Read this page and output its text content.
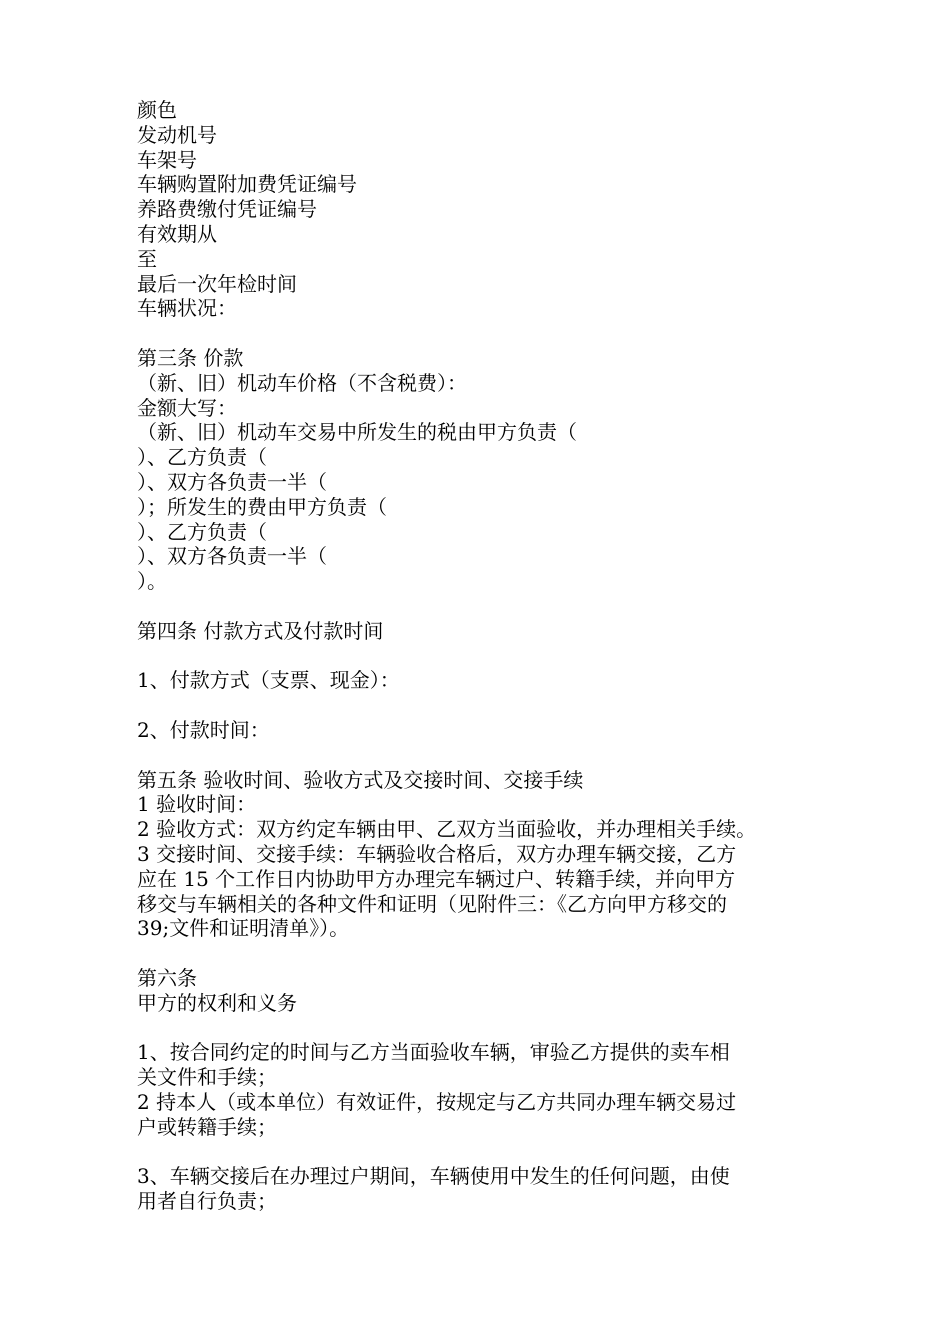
颜色
发动机号
车架号
车辆购置附加费凭证编号
养路费缴付凭证编号
有效期从
至
最后一次年检时间
车辆状况：
第三条 价款
（新、旧）机动车价格（不含税费）：
金额大写：
（新、旧）机动车交易中所发生的税由甲方负责（
）、乙方负责（
）、双方各负责一半（
）；所发生的费由甲方负责（
）、乙方负责（
）、双方各负责一半（
）。
第四条 付款方式及付款时间
1、付款方式（支票、现金）：
2、付款时间：
第五条 验收时间、验收方式及交接时间、交接手续
1 验收时间：
2 验收方式：双方约定车辆由甲、乙双方当面验收，并办理相关手续。
3 交接时间、交接手续：车辆验收合格后，双方办理车辆交接，乙方
应在 15 个工作日内协助甲方办理完车辆过户、转籍手续，并向甲方
移交与车辆相关的各种文件和证明（见附件三：《乙方向甲方移交的
39;文件和证明清单》）。
第六条
甲方的权利和义务
1、按合同约定的时间与乙方当面验收车辆，审验乙方提供的卖车相
关文件和手续；
2 持本人（或本单位）有效证件，按规定与乙方共同办理车辆交易过
户或转籍手续；
3、车辆交接后在办理过户期间，车辆使用中发生的任何问题，由使
用者自行负责；
